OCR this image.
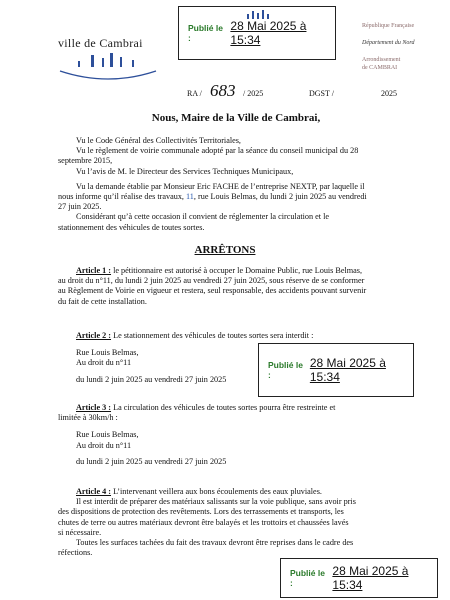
Publié le :
28 Mai 2025 à 15:34
ville de Cambrai
République Française
Département du Nord
Arrondissement
de CAMBRAI
RA / 683 / 2025	DGST /	2025
Nous, Maire de la Ville de Cambrai,
Vu le Code Général des Collectivités Territoriales,
Vu le règlement de voirie communale adopté par la séance du conseil municipal du 28
septembre 2015,
Vu l’avis de M. le Directeur des Services Techniques Municipaux,
Vu la demande établie par Monsieur Eric FACHE de l’entreprise NEXTP, par laquelle il
nous informe qu’il réalise des travaux, 11, rue Louis Belmas, du lundi 2 juin 2025 au vendredi
27 juin 2025.
Considérant qu’à cette occasion il convient de réglementer la circulation et le
stationnement des véhicules de toutes sortes.
ARRÊTONS
Article 1 : le pétitionnaire est autorisé à occuper le Domaine Public, rue Louis Belmas,
au droit du n°11, du lundi 2 juin 2025 au vendredi 27 juin 2025, sous réserve de se conformer
au Règlement de Voirie en vigueur et restera, seul responsable, des accidents pouvant survenir
du fait de cette installation.
Article 2 : Le stationnement des véhicules de toutes sortes sera interdit :
Rue Louis Belmas,
Au droit du n°11
du lundi 2 juin 2025 au vendredi 27 juin 2025
Publié le :
28 Mai 2025 à 15:34
Article 3 : La circulation des véhicules de toutes sortes pourra être restreinte et
limitée à 30km/h :
Rue Louis Belmas,
Au droit du n°11
du lundi 2 juin 2025 au vendredi 27 juin 2025
Article 4 : L’intervenant veillera aux bons écoulements des eaux pluviales.
Il est interdit de préparer des matériaux salissants sur la voie publique, sans avoir pris
des dispositions de protection des revêtements. Lors des terrassements et transports, les
chutes de terre ou autres matériaux devront être balayés et les trottoirs et chaussées lavés
si nécessaire.
Toutes les surfaces tachées du fait des travaux devront être reprises dans le cadre des
réfections.
Publié le :
28 Mai 2025 à 15:34
